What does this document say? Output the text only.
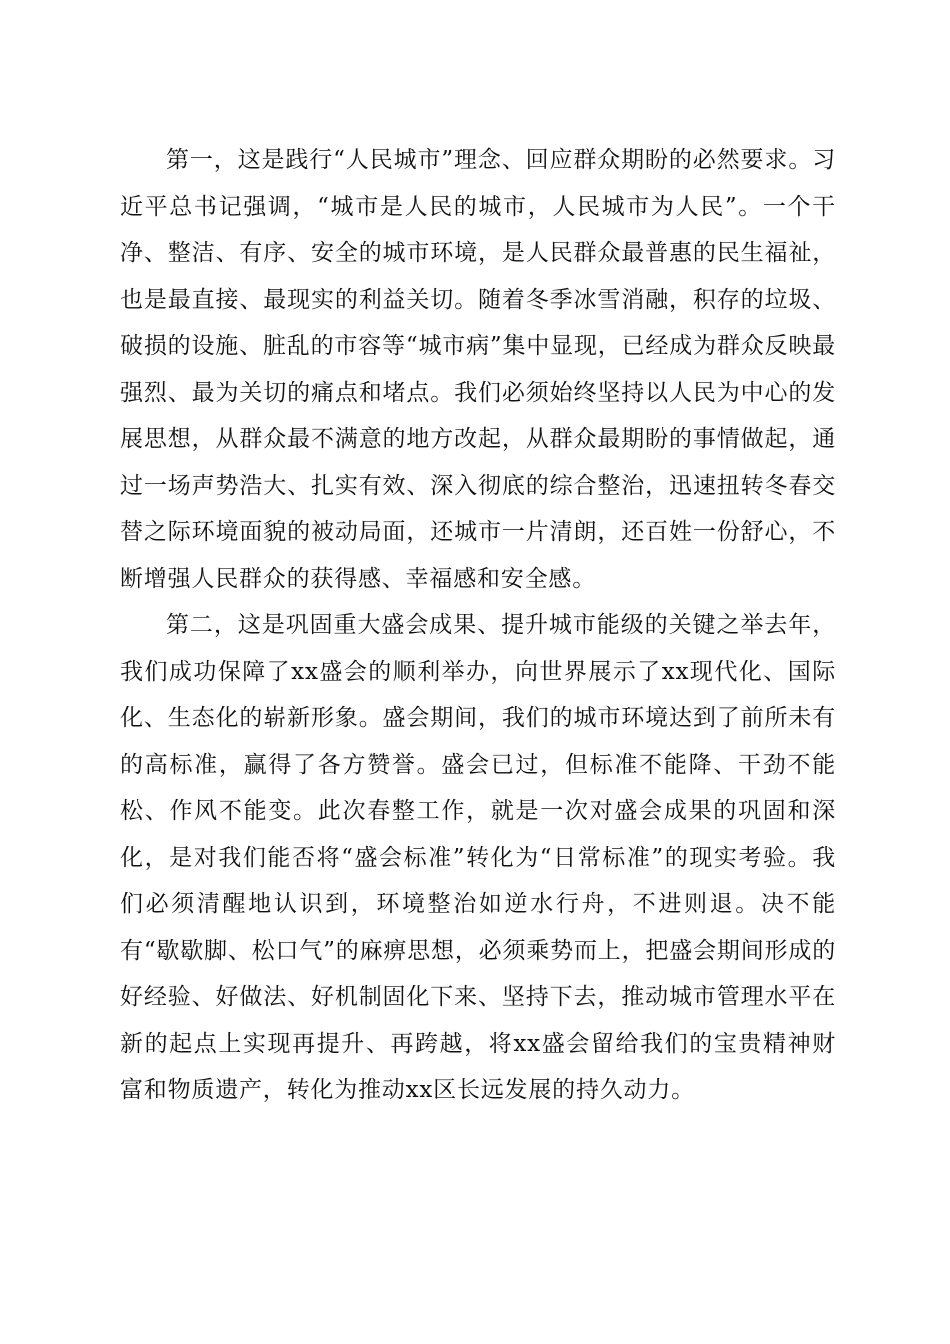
第一，这是践行“人民城市”理念、回应群众期盼的必然要求。习近平总书记强调，“城市是人民的城市，人民城市为人民”。一个干净、整洁、有序、安全的城市环境，是人民群众最普惠的民生福祉，也是最直接、最现实的利益关切。随着冬季冰雪消融，积存的垃圾、破损的设施、脏乱的市容等“城市病”集中显现，已经成为群众反映最强烈、最为关切的痛点和堵点。我们必须始终坚持以人民为中心的发展思想，从群众最不满意的地方改起，从群众最期盼的事情做起，通过一场声势浩大、扎实有效、深入彻底的综合整治，迅速扭转冬春交替之际环境面貌的被动局面，还城市一片清朗，还百姓一份舒心，不断增强人民群众的获得感、幸福感和安全感。

第二，这是巩固重大盛会成果、提升城市能级的关键之举去年，我们成功保障了xx盛会的顺利举办，向世界展示了xx现代化、国际化、生态化的崭新形象。盛会期间，我们的城市环境达到了前所未有的高标准，赢得了各方赞誉。盛会已过，但标准不能降、干劲不能松、作风不能变。此次春整工作，就是一次对盛会成果的巩固和深化，是对我们能否将“盛会标准”转化为“日常标准”的现实考验。我们必须清醒地认识到，环境整治如逆水行舟，不进则退。决不能有“歇歇脚、松口气”的麻痹思想，必须乘势而上，把盛会期间形成的好经验、好做法、好机制固化下来、坚持下去，推动城市管理水平在新的起点上实现再提升、再跨越，将xx盛会留给我们的宝贵精神财富和物质遗产，转化为推动xx区长远发展的持久动力。
